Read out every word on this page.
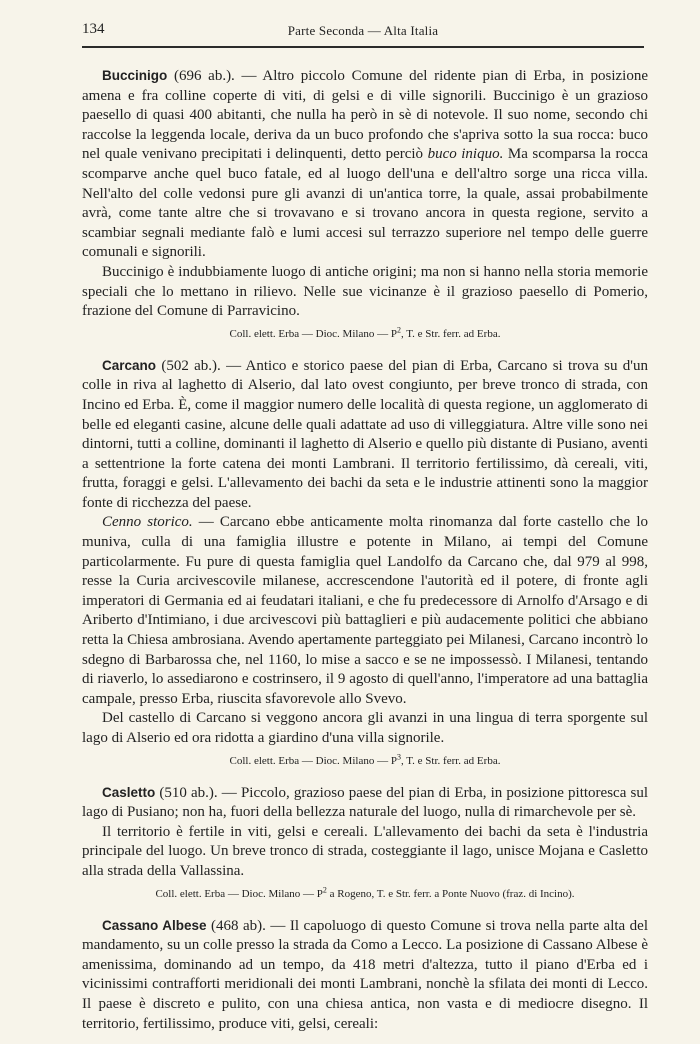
134	Parte Seconda — Alta Italia

Buccinigo (696 ab.). — Altro piccolo Comune del ridente pian di Erba, in posizione amena e fra colline coperte di viti, di gelsi e di ville signorili. Buccinigo è un grazioso paesello di quasi 400 abitanti, che nulla ha però in sè di notevole. Il suo nome, secondo chi raccolse la leggenda locale, deriva da un buco profondo che s'apriva sotto la sua rocca: buco nel quale venivano precipitati i delinquenti, detto perciò buco iniquo. Ma scomparsa la rocca scomparve anche quel buco fatale, ed al luogo dell'una e dell'altro sorge una ricca villa. Nell'alto del colle vedonsi pure gli avanzi di un'antica torre, la quale, assai probabilmente avrà, come tante altre che si trovavano e si trovano ancora in questa regione, servito a scambiar segnali mediante falò e lumi accesi sul terrazzo superiore nel tempo delle guerre comunali e signorili.

Buccinigo è indubbiamente luogo di antiche origini; ma non si hanno nella storia memorie speciali che lo mettano in rilievo. Nelle sue vicinanze è il grazioso paesello di Pomerio, frazione del Comune di Parravicino.

Coll. elett. Erba — Dioc. Milano — $P^2$, T. e Str. ferr. ad Erba.

Carcano (502 ab.). — Antico e storico paese del pian di Erba, Carcano si trova su d'un colle in riva al laghetto di Alserio, dal lato ovest congiunto, per breve tronco di strada, con Incino ed Erba. È, come il maggior numero delle località di questa regione, un agglomerato di belle ed eleganti casine, alcune delle quali adattate ad uso di villeggiatura. Altre ville sono nei dintorni, tutti a colline, dominanti il laghetto di Alserio e quello più distante di Pusiano, aventi a settentrione la forte catena dei monti Lambrani. Il territorio fertilissimo, dà cereali, viti, frutta, foraggi e gelsi. L'allevamento dei bachi da seta e le industrie attinenti sono la maggior fonte di ricchezza del paese.

Cenno storico. — Carcano ebbe anticamente molta rinomanza dal forte castello che lo muniva, culla di una famiglia illustre e potente in Milano, ai tempi del Comune particolarmente. Fu pure di questa famiglia quel Landolfo da Carcano che, dal 979 al 998, resse la Curia arcivescovile milanese, accrescendone l'autorità ed il potere, di fronte agli imperatori di Germania ed ai feudatari italiani, e che fu predecessore di Arnolfo d'Arsago e di Ariberto d'Intimiano, i due arcivescovi più battaglieri e più audacemente politici che abbiano retta la Chiesa ambrosiana. Avendo apertamente parteggiato pei Milanesi, Carcano incontrò lo sdegno di Barbarossa che, nel 1160, lo mise a sacco e se ne impossessò. I Milanesi, tentando di riaverlo, lo assediarono e costrinsero, il 9 agosto di quell'anno, l'imperatore ad una battaglia campale, presso Erba, riuscita sfavorevole allo Svevo.

Del castello di Carcano si veggono ancora gli avanzi in una lingua di terra sporgente sul lago di Alserio ed ora ridotta a giardino d'una villa signorile.

Coll. elett. Erba — Dioc. Milano — $P^3$, T. e Str. ferr. ad Erba.

Casletto (510 ab.). — Piccolo, grazioso paese del pian di Erba, in posizione pittoresca sul lago di Pusiano; non ha, fuori della bellezza naturale del luogo, nulla di rimarchevole per sè.

Il territorio è fertile in viti, gelsi e cereali. L'allevamento dei bachi da seta è l'industria principale del luogo. Un breve tronco di strada, costeggiante il lago, unisce Mojana e Casletto alla strada della Vallassina.

Coll. elett. Erba — Dioc. Milano — $P^2$ a Rogeno, T. e Str. ferr. a Ponte Nuovo (fraz. di Incino).

Cassano Albese (468 ab). — Il capoluogo di questo Comune si trova nella parte alta del mandamento, su un colle presso la strada da Como a Lecco. La posizione di Cassano Albese è amenissima, dominando ad un tempo, da 418 metri d'altezza, tutto il piano d'Erba ed i vicinissimi contrafforti meridionali dei monti Lambrani, nonchè la sfilata dei monti di Lecco. Il paese è discreto e pulito, con una chiesa antica, non vasta e di mediocre disegno. Il territorio, fertilissimo, produce viti, gelsi, cereali:
